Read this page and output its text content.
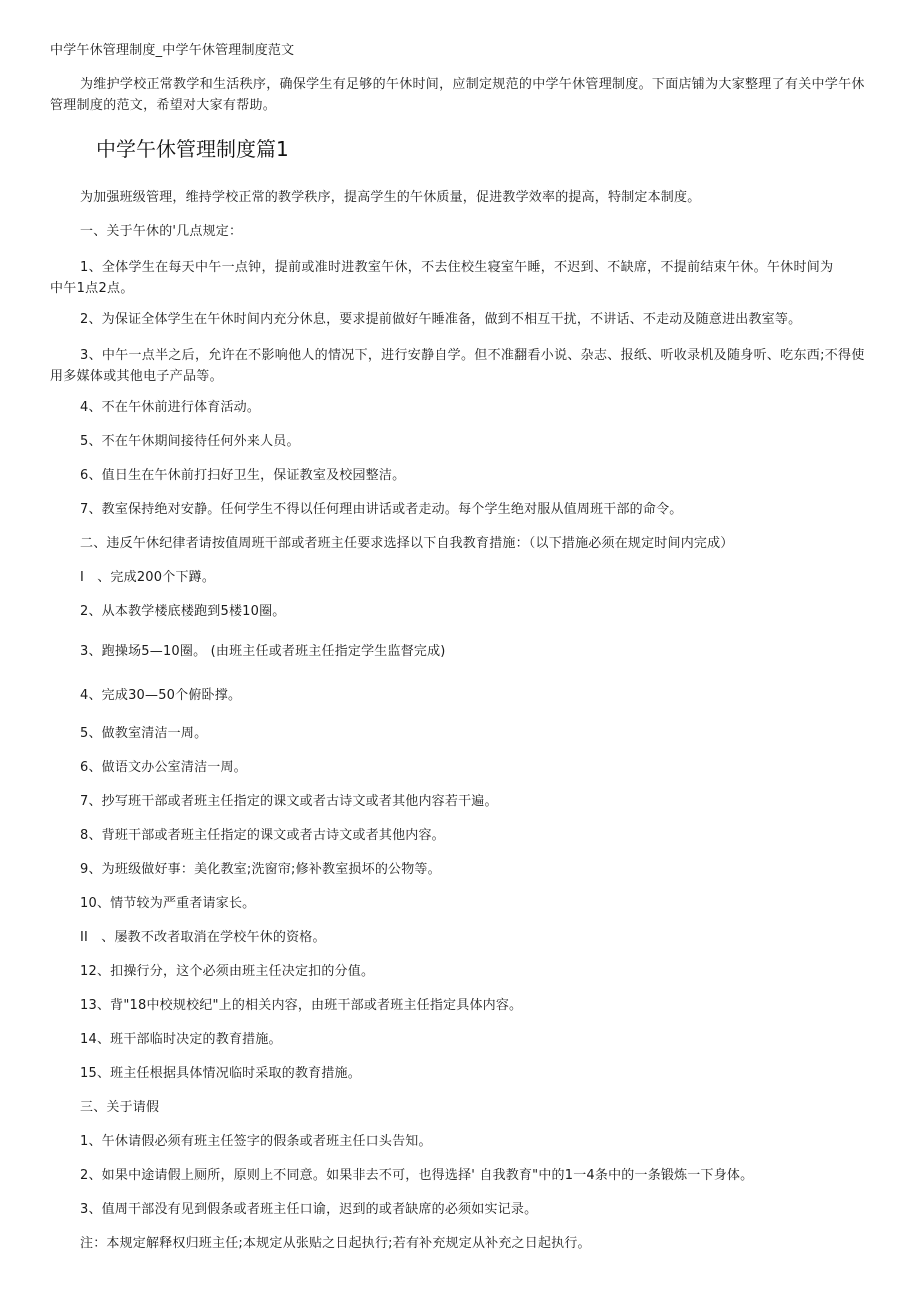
中学午休管理制度_中学午休管理制度范文
为维护学校正常教学和生活秩序，确保学生有足够的午休时间，应制定规范的中学午休管理制度。下面店铺为大家整理了有关中学午休管理制度的范文，希望对大家有帮助。
中学午休管理制度篇1
为加强班级管理，维持学校正常的教学秩序，提高学生的午休质量，促进教学效率的提高，特制定本制度。
一、关于午休的'几点规定：
1、全体学生在每天中午一点钟，提前或准时进教室午休，不去住校生寝室午睡，不迟到、不缺席，不提前结束午休。午休时间为中午1点2点。
2、为保证全体学生在午休时间内充分休息，要求提前做好午睡准备，做到不相互干扰，不讲话、不走动及随意进出教室等。
3、中午一点半之后，允许在不影响他人的情况下，进行安静自学。但不准翻看小说、杂志、报纸、听收录机及随身听、吃东西;不得使用多媒体或其他电子产品等。
4、不在午休前进行体育活动。
5、不在午休期间接待任何外来人员。
6、值日生在午休前打扫好卫生，保证教室及校园整洁。
7、教室保持绝对安静。任何学生不得以任何理由讲话或者走动。每个学生绝对服从值周班干部的命令。
二、违反午休纪律者请按值周班干部或者班主任要求选择以下自我教育措施：（以下措施必须在规定时间内完成）
I　、完成200个下蹲。
2、从本教学楼底楼跑到5楼10圈。
3、跑操场5—10圈。 (由班主任或者班主任指定学生监督完成)
4、完成30—50个俯卧撑。
5、做教室清洁一周。
6、做语文办公室清洁一周。
7、抄写班干部或者班主任指定的课文或者古诗文或者其他内容若干遍。
8、背班干部或者班主任指定的课文或者古诗文或者其他内容。
9、为班级做好事：美化教室;洗窗帘;修补教室损坏的公物等。
10、情节较为严重者请家长。
II　、屡教不改者取消在学校午休的资格。
12、扣操行分，这个必须由班主任决定扣的分值。
13、背"18中校规校纪"上的相关内容，由班干部或者班主任指定具体内容。
14、班干部临时决定的教育措施。
15、班主任根据具体情况临时采取的教育措施。
三、关于请假
1、午休请假必须有班主任签字的假条或者班主任口头告知。
2、如果中途请假上厕所，原则上不同意。如果非去不可，也得选择' 自我教育"中的1一4条中的一条锻炼一下身体。
3、值周干部没有见到假条或者班主任口谕，迟到的或者缺席的必须如实记录。
注：本规定解释权归班主任;本规定从张贴之日起执行;若有补充规定从补充之日起执行。
